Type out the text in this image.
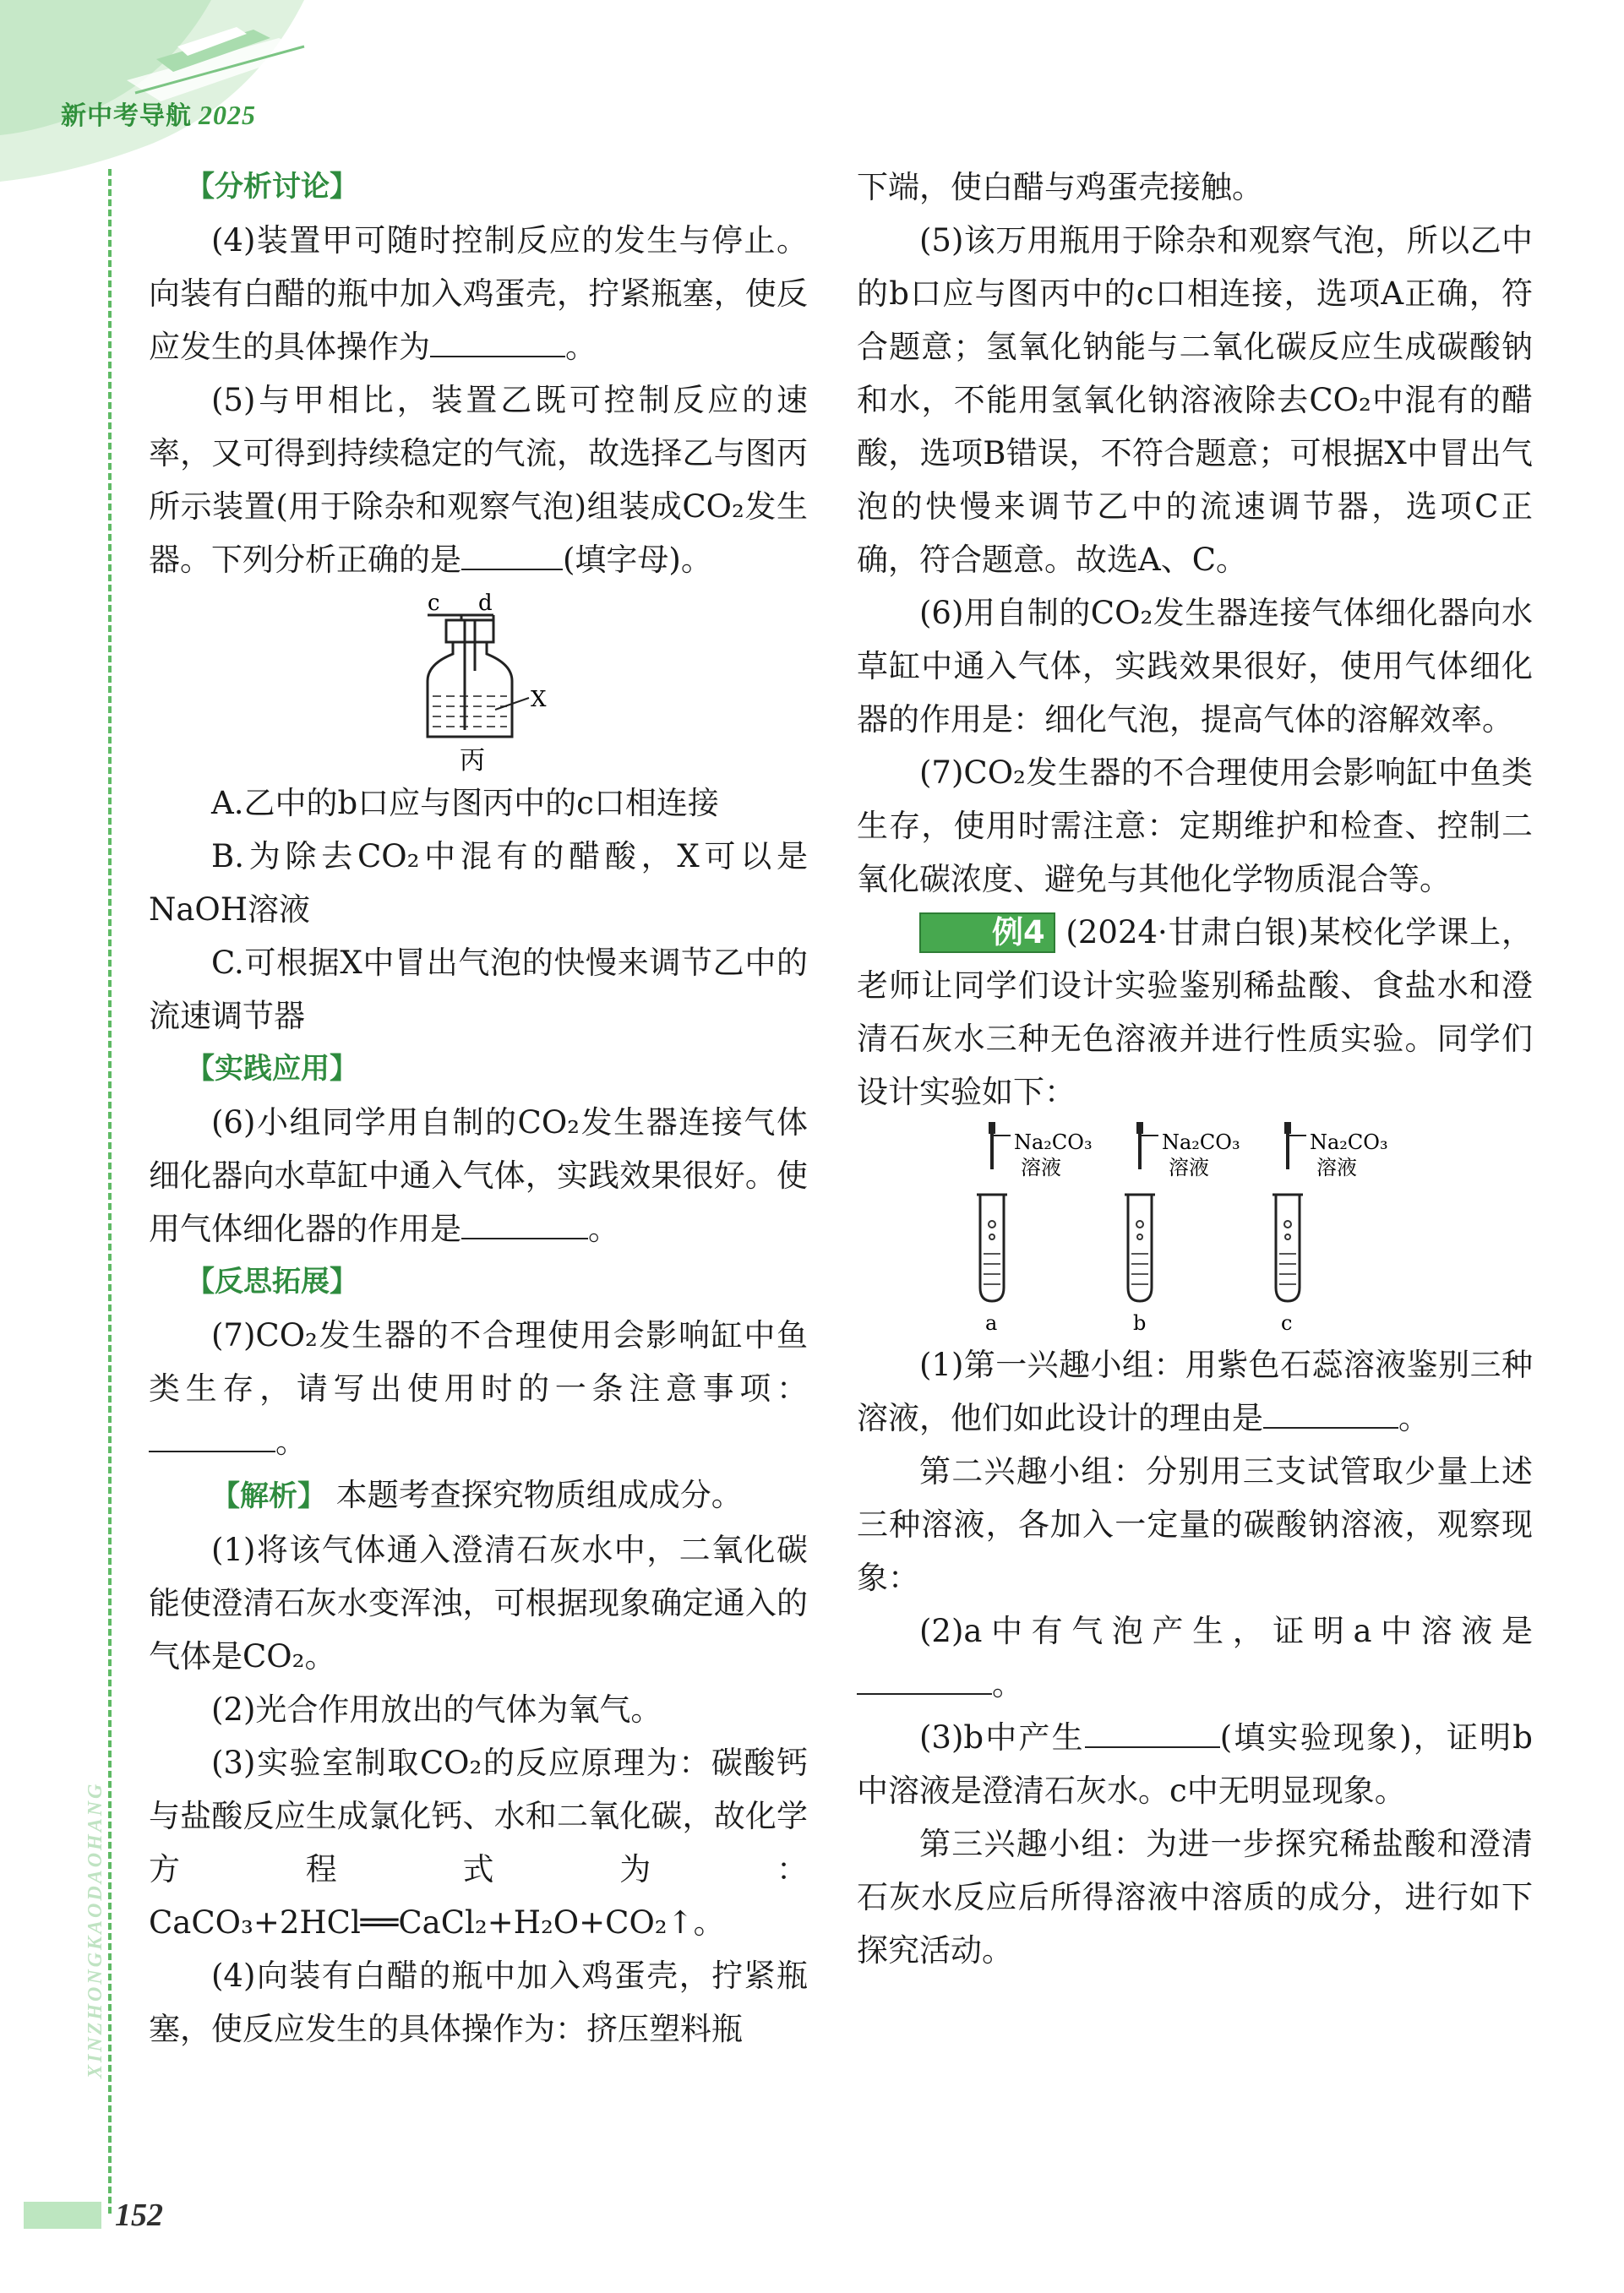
新中考导航 2025
XINZHONGKAODAOHANG
152

【分析讨论】

(4)装置甲可随时控制反应的发生与停止。向装有白醋的瓶中加入鸡蛋壳，拧紧瓶塞，使反应发生的具体操作为	。

(5)与甲相比，装置乙既可控制反应的速率，又可得到持续稳定的气流，故选择乙与图丙所示装置(用于除杂和观察气泡)组装成CO₂发生器。下列分析正确的是	(填字母)。

c d
X
丙

A.乙中的b口应与图丙中的c口相连接

B.为除去CO₂中混有的醋酸，X可以是NaOH溶液

C.可根据X中冒出气泡的快慢来调节乙中的流速调节器

【实践应用】

(6)小组同学用自制的CO₂发生器连接气体细化器向水草缸中通入气体，实践效果很好。使用气体细化器的作用是	。

【反思拓展】

(7)CO₂发生器的不合理使用会影响缸中鱼类生存，请写出使用时的一条注意事项：。

【解析】 本题考查探究物质组成成分。

(1)将该气体通入澄清石灰水中，二氧化碳能使澄清石灰水变浑浊，可根据现象确定通入的气体是CO₂。

(2)光合作用放出的气体为氧气。

(3)实验室制取CO₂的反应原理为：碳酸钙与盐酸反应生成氯化钙、水和二氧化碳，故化学方程式为：CaCO₃+2HCl══CaCl₂+H₂O+CO₂↑。

(4)向装有白醋的瓶中加入鸡蛋壳，拧紧瓶塞，使反应发生的具体操作为：挤压塑料瓶

下端，使白醋与鸡蛋壳接触。

(5)该万用瓶用于除杂和观察气泡，所以乙中的b口应与图丙中的c口相连接，选项A正确，符合题意；氢氧化钠能与二氧化碳反应生成碳酸钠和水，不能用氢氧化钠溶液除去CO₂中混有的醋酸，选项B错误，不符合题意；可根据X中冒出气泡的快慢来调节乙中的流速调节器，选项C正确，符合题意。故选A、C。

(6)用自制的CO₂发生器连接气体细化器向水草缸中通入气体，实践效果很好，使用气体细化器的作用是：细化气泡，提高气体的溶解效率。

(7)CO₂发生器的不合理使用会影响缸中鱼类生存，使用时需注意：定期维护和检查、控制二氧化碳浓度、避免与其他化学物质混合等。

例4 (2024·甘肃白银)某校化学课上，老师让同学们设计实验鉴别稀盐酸、食盐水和澄清石灰水三种无色溶液并进行性质实验。同学们设计实验如下：

Na₂CO₃
溶液
a
Na₂CO₃
溶液
b
Na₂CO₃
溶液
c

(1)第一兴趣小组：用紫色石蕊溶液鉴别三种溶液，他们如此设计的理由是	。

第二兴趣小组：分别用三支试管取少量上述三种溶液，各加入一定量的碳酸钠溶液，观察现象：

(2)a中有气泡产生，证明a中溶液是。

(3)b中产生	(填实验现象)，证明b中溶液是澄清石灰水。c中无明显现象。

第三兴趣小组：为进一步探究稀盐酸和澄清石灰水反应后所得溶液中溶质的成分，进行如下探究活动。
